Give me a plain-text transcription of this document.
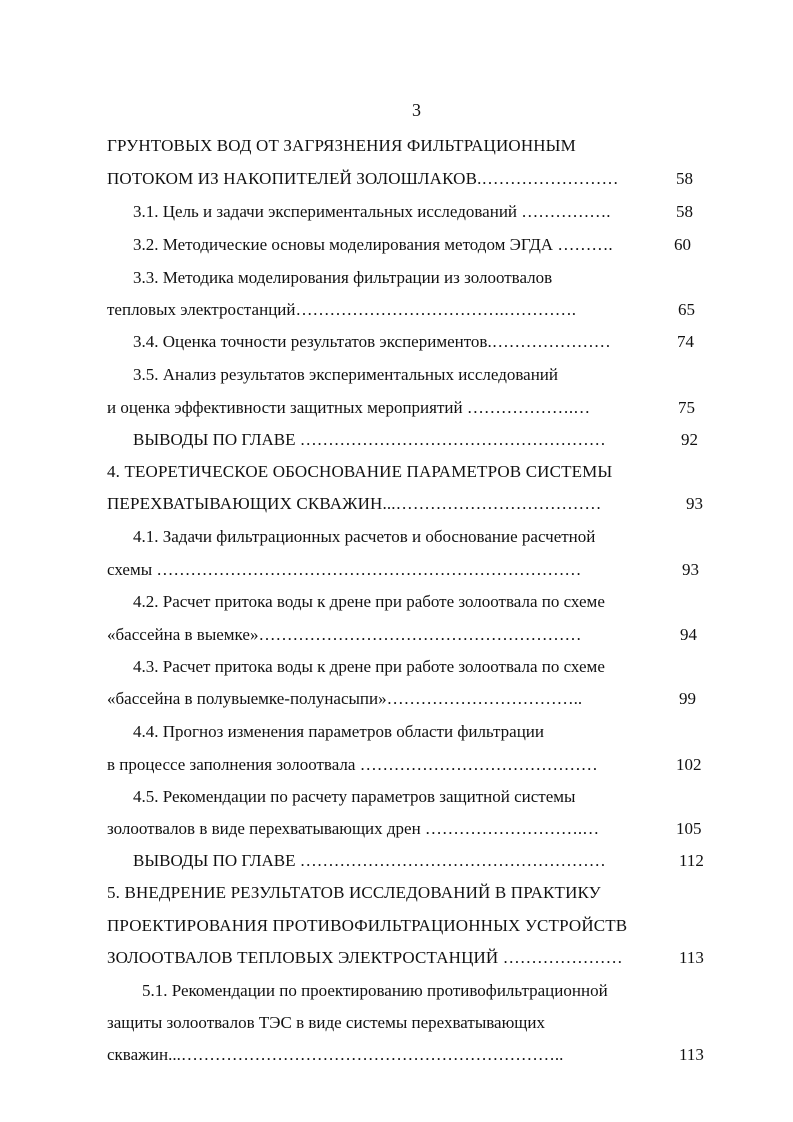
3
ГРУНТОВЫХ ВОД ОТ ЗАГРЯЗНЕНИЯ ФИЛЬТРАЦИОННЫМ
ПОТОКОМ ИЗ НАКОПИТЕЛЕЙ ЗОЛОШЛАКОВ.……………………	58
3.1. Цель и задачи экспериментальных исследований …………….	58
3.2. Методические основы моделирования методом ЭГДА ……….	60
3.3. Методика моделирования фильтрации из золоотвалов
тепловых электростанций……………………………….………….	65
3.4. Оценка точности результатов экспериментов.…………………	74
3.5. Анализ результатов экспериментальных исследований
и оценка эффективности защитных мероприятий ……………….…	75
ВЫВОДЫ ПО ГЛАВЕ ………………………………………………	92
4. ТЕОРЕТИЧЕСКОЕ ОБОСНОВАНИЕ ПАРАМЕТРОВ СИСТЕМЫ
ПЕРЕХВАТЫВАЮЩИХ СКВАЖИН...………………………………	93
4.1. Задачи фильтрационных расчетов и обоснование расчетной
схемы …………………………………………………………………	93
4.2. Расчет притока воды к дрене при работе золоотвала по схеме
«бассейна в выемке»…………………………………………………	94
4.3. Расчет притока воды к дрене при работе золоотвала по схеме
«бассейна в полувыемке-полунасыпи»……………………………..	99
4.4. Прогноз изменения параметров области фильтрации
в процессе заполнения золоотвала ……………………………………	102
4.5. Рекомендации по расчету параметров защитной системы
золоотвалов в виде перехватывающих дрен ……………………….…	105
ВЫВОДЫ ПО ГЛАВЕ ………………………………………………	112
5. ВНЕДРЕНИЕ РЕЗУЛЬТАТОВ ИССЛЕДОВАНИЙ В ПРАКТИКУ
ПРОЕКТИРОВАНИЯ ПРОТИВОФИЛЬТРАЦИОННЫХ УСТРОЙСТВ
ЗОЛООТВАЛОВ ТЕПЛОВЫХ ЭЛЕКТРОСТАНЦИЙ …………………	113
5.1. Рекомендации по проектированию противофильтрационной
защиты золоотвалов ТЭС в виде системы перехватывающих
скважин...…………………………………………………………..	113
